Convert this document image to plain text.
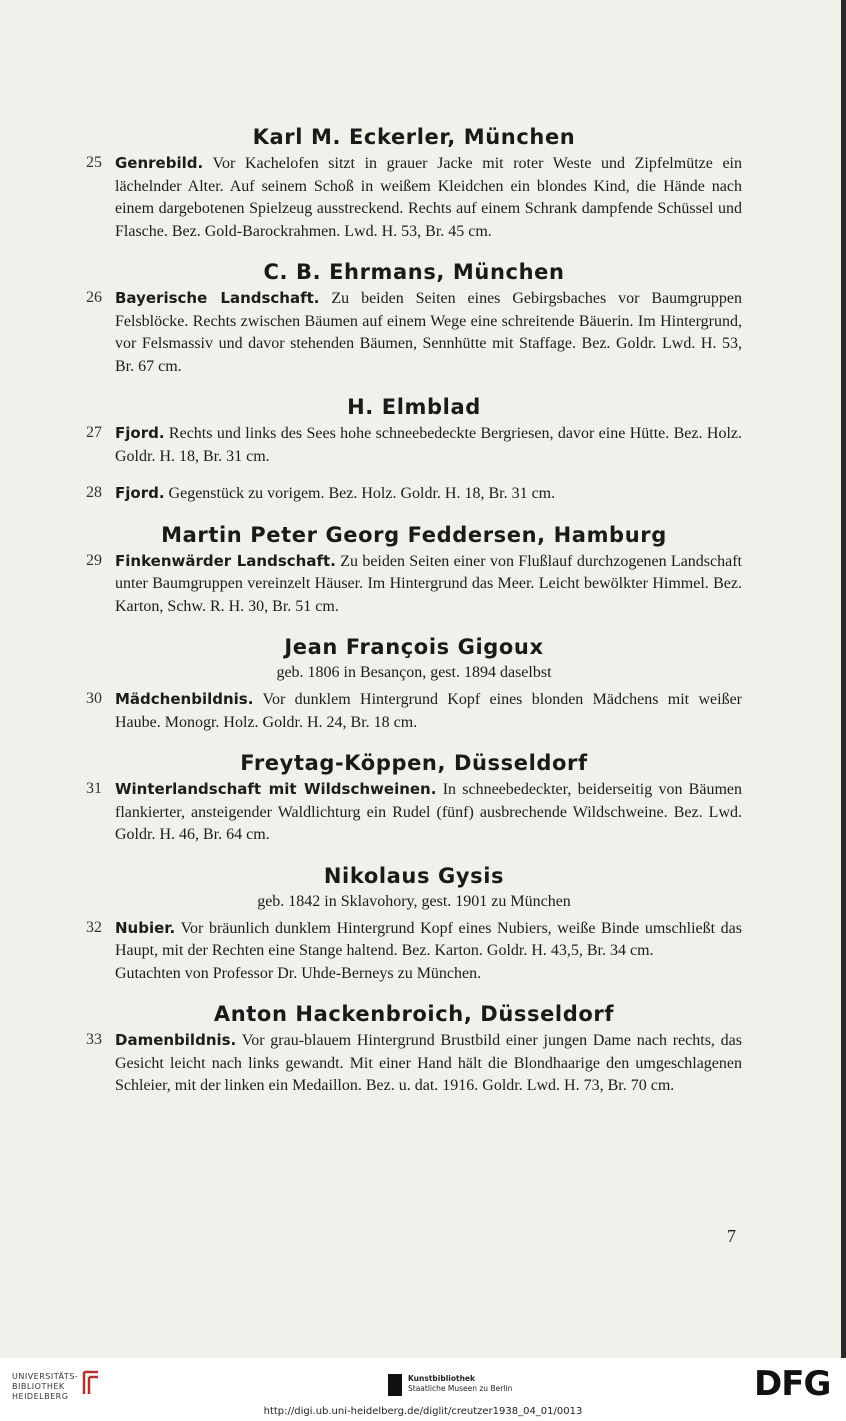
Karl M. Eckerler, München
25 Genrebild. Vor Kachelofen sitzt in grauer Jacke mit roter Weste und Zipfelmütze ein lächelnder Alter. Auf seinem Schoß in weißem Kleidchen ein blondes Kind, die Hände nach einem dargebotenen Spielzeug ausstreckend. Rechts auf einem Schrank dampfende Schüssel und Flasche. Bez. Gold-Barockrahmen. Lwd. H. 53, Br. 45 cm.
C. B. Ehrmans, München
26 Bayerische Landschaft. Zu beiden Seiten eines Gebirgsbaches vor Baumgruppen Felsblöcke. Rechts zwischen Bäumen auf einem Wege eine schreitende Bäuerin. Im Hintergrund, vor Felsmassiv und davor stehenden Bäumen, Sennhütte mit Staffage. Bez. Goldr. Lwd. H. 53, Br. 67 cm.
H. Elmblad
27 Fjord. Rechts und links des Sees hohe schneebedeckte Bergriesen, davor eine Hütte. Bez. Holz. Goldr. H. 18, Br. 31 cm.
28 Fjord. Gegenstück zu vorigem. Bez. Holz. Goldr. H. 18, Br. 31 cm.
Martin Peter Georg Feddersen, Hamburg
29 Finkenwärder Landschaft. Zu beiden Seiten einer von Flußlauf durchzogenen Landschaft unter Baumgruppen vereinzelt Häuser. Im Hintergrund das Meer. Leicht bewölkter Himmel. Bez. Karton, Schw. R. H. 30, Br. 51 cm.
Jean François Gigoux

geb. 1806 in Besançon, gest. 1894 daselbst

30 Mädchenbildnis. Vor dunklem Hintergrund Kopf eines blonden Mädchens mit weißer Haube. Monogr. Holz. Goldr. H. 24, Br. 18 cm.
Freytag-Köppen, Düsseldorf
31 Winterlandschaft mit Wildschweinen. In schneebedeckter, beiderseitig von Bäumen flankierter, ansteigender Waldlichturg ein Rudel (fünf) ausbrechende Wildschweine. Bez. Lwd. Goldr. H. 46, Br. 64 cm.
Nikolaus Gysis

geb. 1842 in Sklavohory, gest. 1901 zu München

32 Nubier. Vor bräunlich dunklem Hintergrund Kopf eines Nubiers, weiße Binde umschließt das Haupt, mit der Rechten eine Stange haltend. Bez. Karton. Goldr. H. 43,5, Br. 34 cm.
Gutachten von Professor Dr. Uhde-Berneys zu München.
Anton Hackenbroich, Düsseldorf
33 Damenbildnis. Vor grau-blauem Hintergrund Brustbild einer jungen Dame nach rechts, das Gesicht leicht nach links gewandt. Mit einer Hand hält die Blondhaarige den umgeschlagenen Schleier, mit der linken ein Medaillon. Bez. u. dat. 1916. Goldr. Lwd. H. 73, Br. 70 cm.
7
UNIVERSITÄTS-
BIBLIOTHEK
HEIDELBERG
Kunstbibliothek
Staatliche Museen zu Berlin	DFG
http://digi.ub.uni-heidelberg.de/diglit/creutzer1938_04_01/0013
